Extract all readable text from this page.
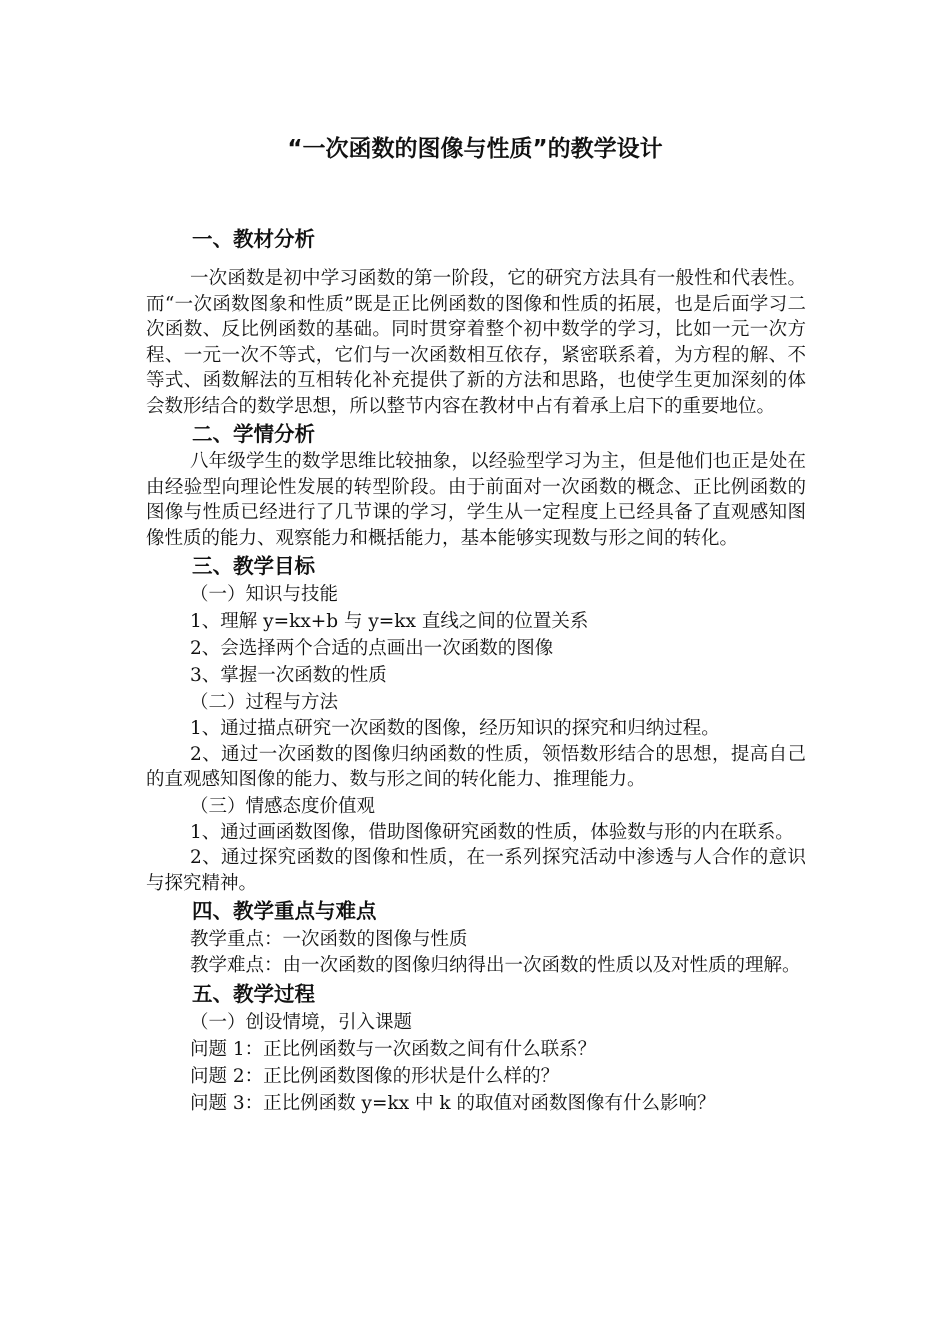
“一次函数的图像与性质”的教学设计
一、教材分析

一次函数是初中学习函数的第一阶段，它的研究方法具有一般性和代表性。而“一次函数图象和性质”既是正比例函数的图像和性质的拓展，也是后面学习二次函数、反比例函数的基础。同时贯穿着整个初中数学的学习，比如一元一次方程、一元一次不等式，它们与一次函数相互依存，紧密联系着，为方程的解、不等式、函数解法的互相转化补充提供了新的方法和思路，也使学生更加深刻的体会数形结合的数学思想，所以整节内容在教材中占有着承上启下的重要地位。

二、学情分析

八年级学生的数学思维比较抽象，以经验型学习为主，但是他们也正是处在由经验型向理论性发展的转型阶段。由于前面对一次函数的概念、正比例函数的图像与性质已经进行了几节课的学习，学生从一定程度上已经具备了直观感知图像性质的能力、观察能力和概括能力，基本能够实现数与形之间的转化。

三、教学目标
（一）知识与技能
1、理解 y=kx+b 与 y=kx 直线之间的位置关系
2、会选择两个合适的点画出一次函数的图像
3、掌握一次函数的性质
（二）过程与方法

1、通过描点研究一次函数的图像，经历知识的探究和归纳过程。

2、通过一次函数的图像归纳函数的性质，领悟数形结合的思想，提高自己的直观感知图像的能力、数与形之间的转化能力、推理能力。

（三）情感态度价值观

1、通过画函数图像，借助图像研究函数的性质，体验数与形的内在联系。

2、通过探究函数的图像和性质，在一系列探究活动中渗透与人合作的意识与探究精神。

四、教学重点与难点
教学重点：一次函数的图像与性质

教学难点：由一次函数的图像归纳得出一次函数的性质以及对性质的理解。

五、教学过程
（一）创设情境，引入课题
问题 1：正比例函数与一次函数之间有什么联系？
问题 2：正比例函数图像的形状是什么样的？
问题 3：正比例函数 y=kx 中 k 的取值对函数图像有什么影响？
